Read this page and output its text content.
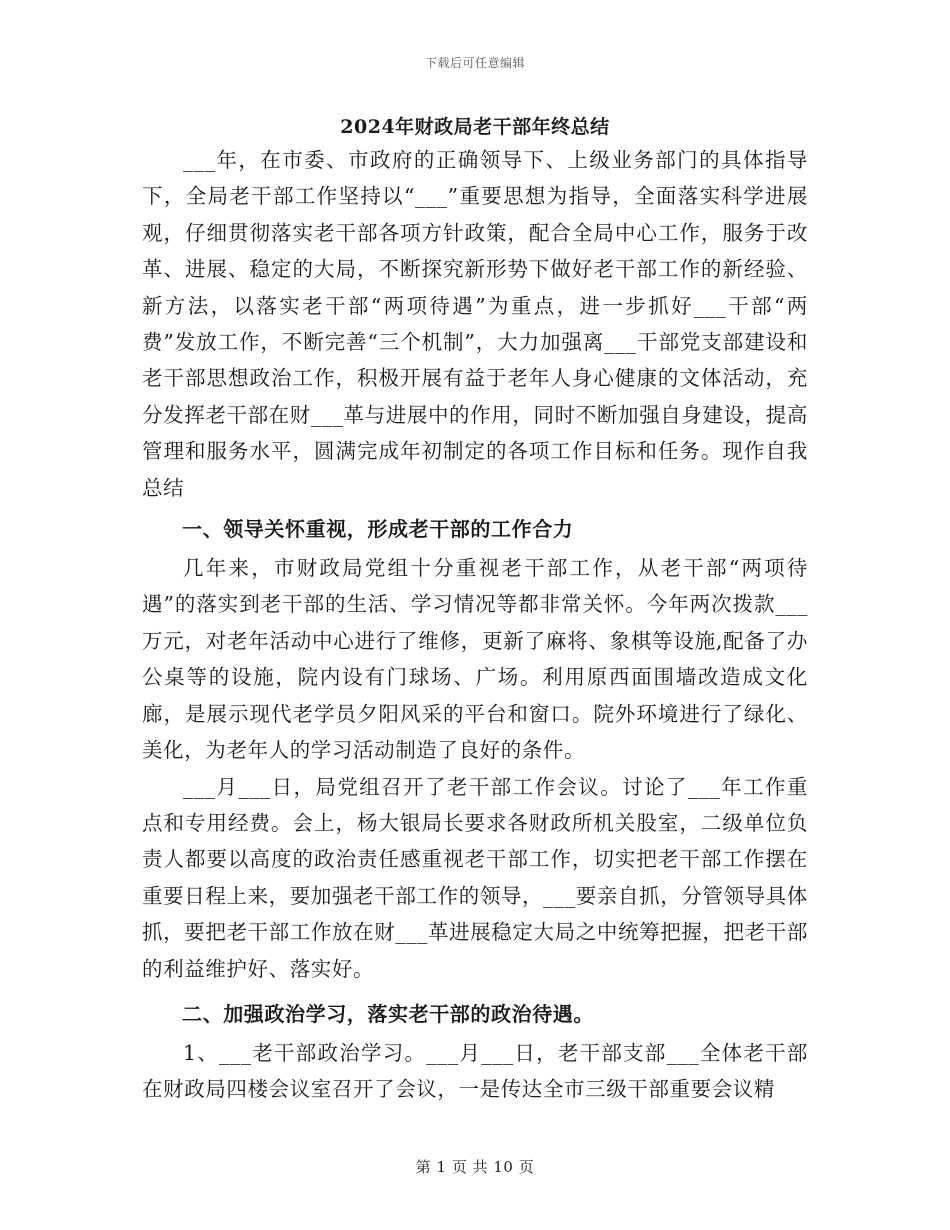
下载后可任意编辑
2024年财政局老干部年终总结

___年，在市委、市政府的正确领导下、上级业务部门的具体指导下，全局老干部工作坚持以“___”重要思想为指导，全面落实科学进展观，仔细贯彻落实老干部各项方针政策，配合全局中心工作，服务于改革、进展、稳定的大局，不断探究新形势下做好老干部工作的新经验、新方法，以落实老干部“两项待遇”为重点，进一步抓好___干部“两费”发放工作，不断完善“三个机制”，大力加强离___干部党支部建设和老干部思想政治工作，积极开展有益于老年人身心健康的文体活动，充分发挥老干部在财___革与进展中的作用，同时不断加强自身建设，提高管理和服务水平，圆满完成年初制定的各项工作目标和任务。现作自我总结

一、领导关怀重视，形成老干部的工作合力

几年来，市财政局党组十分重视老干部工作，从老干部“两项待遇”的落实到老干部的生活、学习情况等都非常关怀。今年两次拨款___万元，对老年活动中心进行了维修，更新了麻将、象棋等设施,配备了办公桌等的设施，院内设有门球场、广场。利用原西面围墙改造成文化廊，是展示现代老学员夕阳风采的平台和窗口。院外环境进行了绿化、美化，为老年人的学习活动制造了良好的条件。

___月___日，局党组召开了老干部工作会议。讨论了___年工作重点和专用经费。会上，杨大银局长要求各财政所机关股室，二级单位负责人都要以高度的政治责任感重视老干部工作，切实把老干部工作摆在重要日程上来，要加强老干部工作的领导，___要亲自抓，分管领导具体抓，要把老干部工作放在财___革进展稳定大局之中统筹把握，把老干部的利益维护好、落实好。

二、加强政治学习，落实老干部的政治待遇。

1、___老干部政治学习。___月___日，老干部支部___全体老干部在财政局四楼会议室召开了会议，一是传达全市三级干部重要会议精

第 1 页 共 10 页
